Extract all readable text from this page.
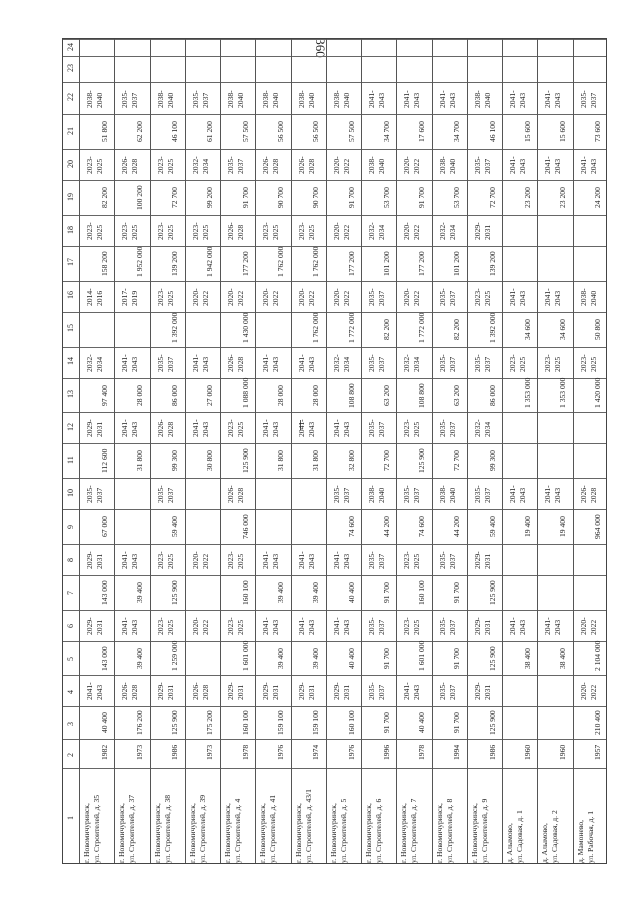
360
1
2
3
4
5
6
7
8
9
10
11
12
13
14
15
16
17
18
19
20
21
22
23
24
г. Новомичуринск, ул. Строителей, д. 35
1982
40 400
2041- 2043
143 000
2029- 2031
143 000
2029- 2031
67 000
2035- 2037
112 600
2029- 2031
97 400
2032- 2034
2014- 2016
158 200
2023- 2025
82 200
2023- 2025
51 800
2038- 2040
г. Новомичуринск, ул. Строителей, д. 37
1973
176 200
2026- 2028
39 400
2041- 2043
39 400
2041- 2043
31 800
2041- 2043
28 000
2041- 2043
2017- 2019
1 952 000
2023- 2025
100 200
2026- 2028
62 200
2035- 2037
г. Новомичуринск, ул. Строителей, д. 38
1986
125 900
2029- 2031
1 259 000
2023- 2025
125 900
2023- 2025
59 400
2035- 2037
99 300
2026- 2028
86 000
2035- 2037
1 392 000
2023- 2025
139 200
2023- 2025
72 700
2023- 2025
46 100
2038- 2040
г. Новомичуринск, ул. Строителей, д. 39
1973
175 200
2026- 2028
2020- 2022
2020- 2022
30 800
2041- 2043
27 000
2041- 2043
2020- 2022
1 942 000
2023- 2025
99 200
2032- 2034
61 200
2035- 2037
г. Новомичуринск, ул. Строителей, д. 4
1978
160 100
2029- 2031
1 601 000
2023- 2025
160 100
2023- 2025
746 000
2026- 2028
125 900
2023- 2025
1 088 000
2026- 2028
1 430 000
2020- 2022
177 200
2026- 2028
91 700
2035- 2037
57 500
2038- 2040
г. Новомичуринск, ул. Строителей, д. 41
1976
159 100
2029- 2031
39 400
2041- 2043
39 400
2041- 2043
31 800
2041- 2043
28 000
2041- 2043
2020- 2022
1 762 000
2023- 2025
90 700
2026- 2028
56 500
2038- 2040
г. Новомичуринск, ул. Строителей, д. 43/1
1974
159 100
2029- 2031
39 400
2041- 2043
39 400
2041- 2043
31 800
2041- 2043
28 000
2041- 2043
1 762 000
2020- 2022
1 762 000
2023- 2025
90 700
2026- 2028
56 500
2038- 2040
г. Новомичуринск, ул. Строителей, д. 5
1976
160 100
2029- 2031
40 400
2041- 2043
40 400
2041- 2043
74 600
2035- 2037
32 800
2041- 2043
108 800
2032- 2034
1 772 000
2020- 2022
177 200
2020- 2022
91 700
2020- 2022
57 500
2038- 2040
г. Новомичуринск, ул. Строителей, д. 6
1996
91 700
2035- 2037
91 700
2035- 2037
91 700
2035- 2037
44 200
2038- 2040
72 700
2035- 2037
63 200
2035- 2037
82 200
2035- 2037
101 200
2032- 2034
53 700
2038- 2040
34 700
2041- 2043
г. Новомичуринск, ул. Строителей, д. 7
1978
40 400
2041- 2043
1 601 000
2023- 2025
160 100
2023- 2025
74 600
2035- 2037
125 900
2023- 2025
108 800
2032- 2034
1 772 000
2020- 2022
177 200
2020- 2022
91 700
2020- 2022
17 600
2041- 2043
г. Новомичуринск, ул. Строителей, д. 8
1994
91 700
2035- 2037
91 700
2035- 2037
91 700
2035- 2037
44 200
2038- 2040
72 700
2035- 2037
63 200
2035- 2037
82 200
2035- 2037
101 200
2032- 2034
53 700
2038- 2040
34 700
2041- 2043
г. Новомичуринск, ул. Строителей, д. 9
1986
125 900
2029- 2031
125 900
2029- 2031
125 900
2029- 2031
59 400
2035- 2037
99 300
2032- 2034
86 000
2035- 2037
1 392 000
2023- 2025
139 200
2029- 2031
72 700
2035- 2037
46 100
2038- 2040
д. Алымово, ул. Садовая, д. 1
1960
38 400
2041- 2043
19 400
2041- 2043
1 353 000
2023- 2025
34 600
2041- 2043
23 200
2041- 2043
15 600
2041- 2043
д. Алымово, ул. Садовая, д. 2
1960
38 400
2041- 2043
19 400
2041- 2043
1 353 000
2023- 2025
34 600
2041- 2043
23 200
2041- 2043
15 600
2041- 2043
д. Мамонево, ул. Рабочая, д. 1
1957
210 400
2020- 2022
2 104 000
2020- 2022
964 000
2026- 2028
1 420 000
2023- 2025
50 800
2038- 2040
24 200
2041- 2043
73 600
2035- 2037
